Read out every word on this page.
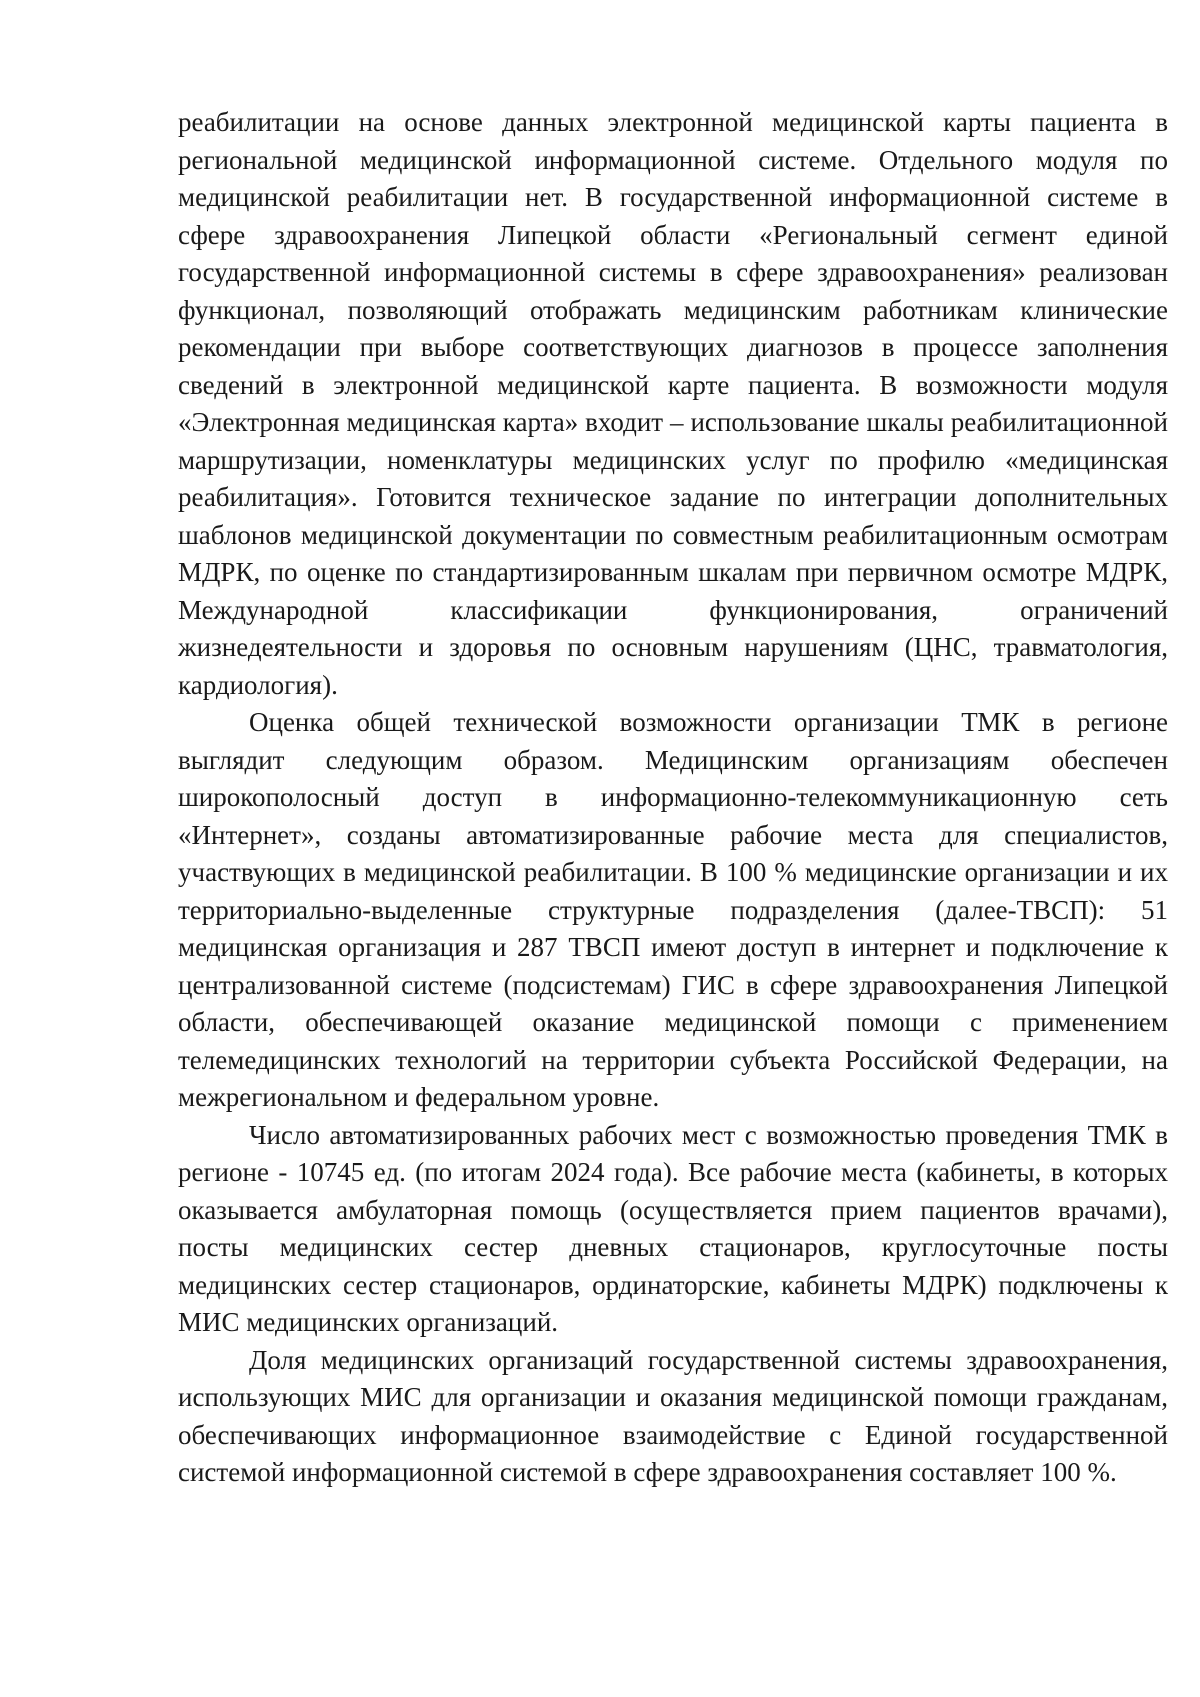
реабилитации на основе данных электронной медицинской карты пациента в региональной медицинской информационной системе. Отдельного модуля по медицинской реабилитации нет. В государственной информационной системе в сфере здравоохранения Липецкой области «Региональный сегмент единой государственной информационной системы в сфере здравоохранения» реализован функционал, позволяющий отображать медицинским работникам клинические рекомендации при выборе соответствующих диагнозов в процессе заполнения сведений в электронной медицинской карте пациента. В возможности модуля «Электронная медицинская карта» входит – использование шкалы реабилитационной маршрутизации, номенклатуры медицинских услуг по профилю «медицинская реабилитация». Готовится техническое задание по интеграции дополнительных шаблонов медицинской документации по совместным реабилитационным осмотрам МДРК, по оценке по стандартизированным шкалам при первичном осмотре МДРК, Международной классификации функционирования, ограничений жизнедеятельности и здоровья по основным нарушениям (ЦНС, травматология, кардиология).

Оценка общей технической возможности организации ТМК в регионе выглядит следующим образом. Медицинским организациям обеспечен широкополосный доступ в информационно-телекоммуникационную сеть «Интернет», созданы автоматизированные рабочие места для специалистов, участвующих в медицинской реабилитации. В 100 % медицинские организации и их территориально-выделенные структурные подразделения (далее-ТВСП): 51 медицинская организация и 287 ТВСП имеют доступ в интернет и подключение к централизованной системе (подсистемам) ГИС в сфере здравоохранения Липецкой области, обеспечивающей оказание медицинской помощи с применением телемедицинских технологий на территории субъекта Российской Федерации, на межрегиональном и федеральном уровне.

Число автоматизированных рабочих мест с возможностью проведения ТМК в регионе - 10745 ед. (по итогам 2024 года). Все рабочие места (кабинеты, в которых оказывается амбулаторная помощь (осуществляется прием пациентов врачами), посты медицинских сестер дневных стационаров, круглосуточные посты медицинских сестер стационаров, ординаторские, кабинеты МДРК) подключены к МИС медицинских организаций.

Доля медицинских организаций государственной системы здравоохранения, использующих МИС для организации и оказания медицинской помощи гражданам, обеспечивающих информационное взаимодействие с Единой государственной системой информационной системой в сфере здравоохранения составляет 100 %.
